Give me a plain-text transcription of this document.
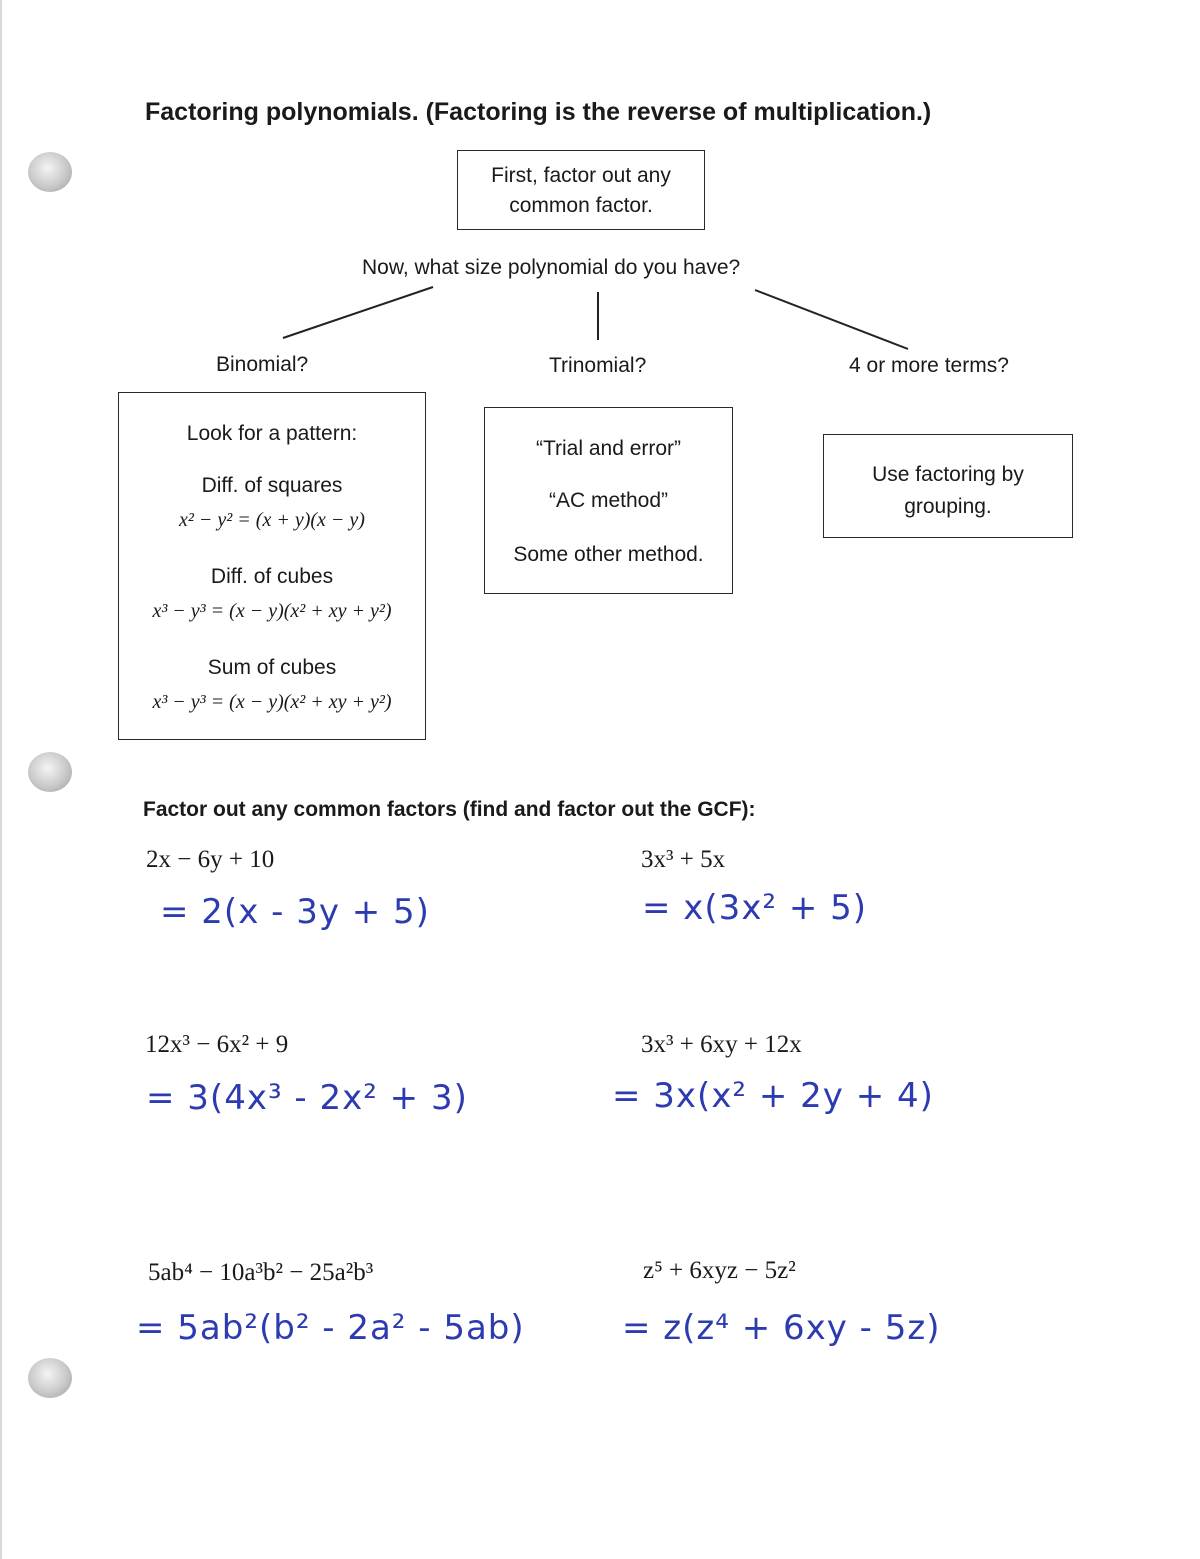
Factoring polynomials. (Factoring is the reverse of multiplication.)
First, factor out any
common factor.
Now, what size polynomial do you have?
Binomial?	Trinomial?	4 or more terms?
Look for a pattern:
Diff. of squares
x² − y² = (x + y)(x − y)
Diff. of cubes
x³ − y³ = (x − y)(x² + xy + y²)
Sum of cubes
x³ − y³ = (x − y)(x² + xy + y²)
“Trial and error”
“AC method”
Some other method.
Use factoring by
grouping.
Factor out any common factors (find and factor out the GCF):
2x − 6y + 10
= 2(x - 3y + 5)
3x³ + 5x
= x(3x² + 5)
12x³ − 6x² + 9
= 3(4x³ - 2x² + 3)
3x³ + 6xy + 12x
= 3x(x² + 2y + 4)
5ab⁴ − 10a³b² − 25a²b³
= 5ab²(b² - 2a² - 5ab)
z⁵ + 6xyz − 5z²
= z(z⁴ + 6xy - 5z)
